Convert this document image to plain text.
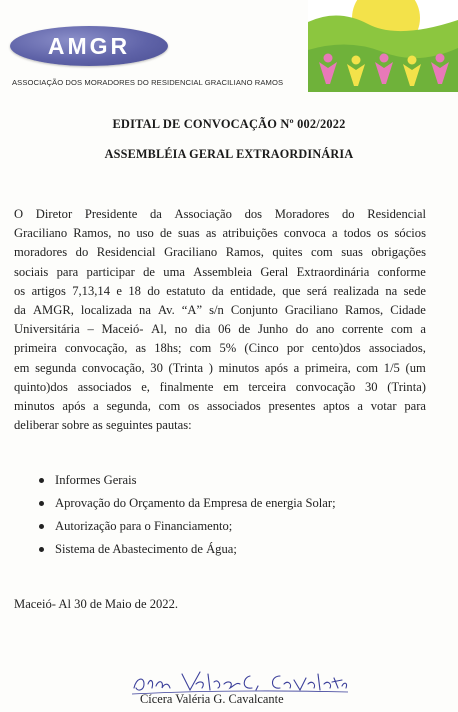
AMGR
ASSOCIAÇÃO DOS MORADORES DO RESIDENCIAL GRACILIANO RAMOS
EDITAL DE CONVOCAÇÃO Nº 002/2022
ASSEMBLÉIA GERAL EXTRAORDINÁRIA
O Diretor Presidente da Associação dos Moradores do Residencial
Graciliano Ramos, no uso de suas as atribuições convoca a todos os sócios
moradores do Residencial Graciliano Ramos, quites com suas obrigações
sociais para participar de uma Assembleia Geral Extraordinária conforme
os artigos 7,13,14 e 18 do estatuto da entidade, que será realizada na sede
da AMGR, localizada na Av. “A” s/n Conjunto Graciliano Ramos, Cidade
Universitária – Maceió- Al, no dia 06 de Junho do ano corrente com a
primeira convocação, as 18hs; com 5% (Cinco por cento)dos associados,
em segunda convocação, 30 (Trinta ) minutos após a primeira, com 1/5 (um
quinto)dos associados e, finalmente em terceira convocação 30 (Trinta)
minutos após a segunda, com os associados presentes aptos a votar para
deliberar sobre as seguintes pautas:
Informes Gerais
Aprovação do Orçamento da Empresa de energia Solar;
Autorização para o Financiamento;
Sistema de Abastecimento de Água;
Maceió- Al 30 de Maio de 2022.
Cícera Valéria G. Cavalcante
